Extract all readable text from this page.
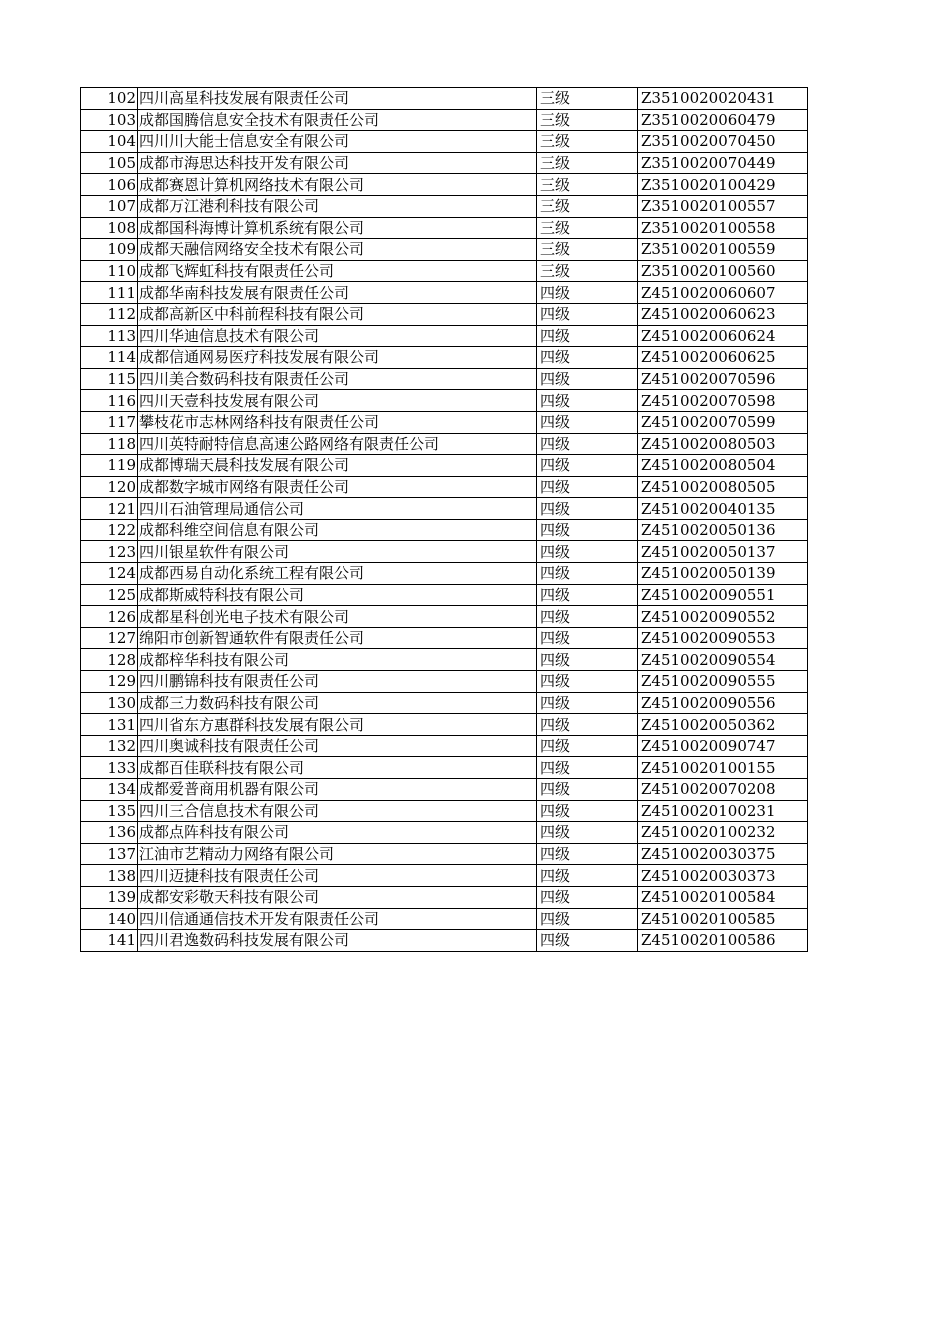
102	四川高星科技发展有限责任公司	三级	Z3510020020431
103	成都国腾信息安全技术有限责任公司	三级	Z3510020060479
104	四川川大能士信息安全有限公司	三级	Z3510020070450
105	成都市海思达科技开发有限公司	三级	Z3510020070449
106	成都赛恩计算机网络技术有限公司	三级	Z3510020100429
107	成都万江港利科技有限公司	三级	Z3510020100557
108	成都国科海博计算机系统有限公司	三级	Z3510020100558
109	成都天融信网络安全技术有限公司	三级	Z3510020100559
110	成都飞辉虹科技有限责任公司	三级	Z3510020100560
111	成都华南科技发展有限责任公司	四级	Z4510020060607
112	成都高新区中科前程科技有限公司	四级	Z4510020060623
113	四川华迪信息技术有限公司	四级	Z4510020060624
114	成都信通网易医疗科技发展有限公司	四级	Z4510020060625
115	四川美合数码科技有限责任公司	四级	Z4510020070596
116	四川天壹科技发展有限公司	四级	Z4510020070598
117	攀枝花市志林网络科技有限责任公司	四级	Z4510020070599
118	四川英特耐特信息高速公路网络有限责任公司	四级	Z4510020080503
119	成都博瑞天晨科技发展有限公司	四级	Z4510020080504
120	成都数字城市网络有限责任公司	四级	Z4510020080505
121	四川石油管理局通信公司	四级	Z4510020040135
122	成都科维空间信息有限公司	四级	Z4510020050136
123	四川银星软件有限公司	四级	Z4510020050137
124	成都西易自动化系统工程有限公司	四级	Z4510020050139
125	成都斯威特科技有限公司	四级	Z4510020090551
126	成都星科创光电子技术有限公司	四级	Z4510020090552
127	绵阳市创新智通软件有限责任公司	四级	Z4510020090553
128	成都梓华科技有限公司	四级	Z4510020090554
129	四川鹏锦科技有限责任公司	四级	Z4510020090555
130	成都三力数码科技有限公司	四级	Z4510020090556
131	四川省东方惠群科技发展有限公司	四级	Z4510020050362
132	四川奥诚科技有限责任公司	四级	Z4510020090747
133	成都百佳联科技有限公司	四级	Z4510020100155
134	成都爱普商用机器有限公司	四级	Z4510020070208
135	四川三合信息技术有限公司	四级	Z4510020100231
136	成都点阵科技有限公司	四级	Z4510020100232
137	江油市艺精动力网络有限公司	四级	Z4510020030375
138	四川迈捷科技有限责任公司	四级	Z4510020030373
139	成都安彩敬天科技有限公司	四级	Z4510020100584
140	四川信通通信技术开发有限责任公司	四级	Z4510020100585
141	四川君逸数码科技发展有限公司	四级	Z4510020100586
